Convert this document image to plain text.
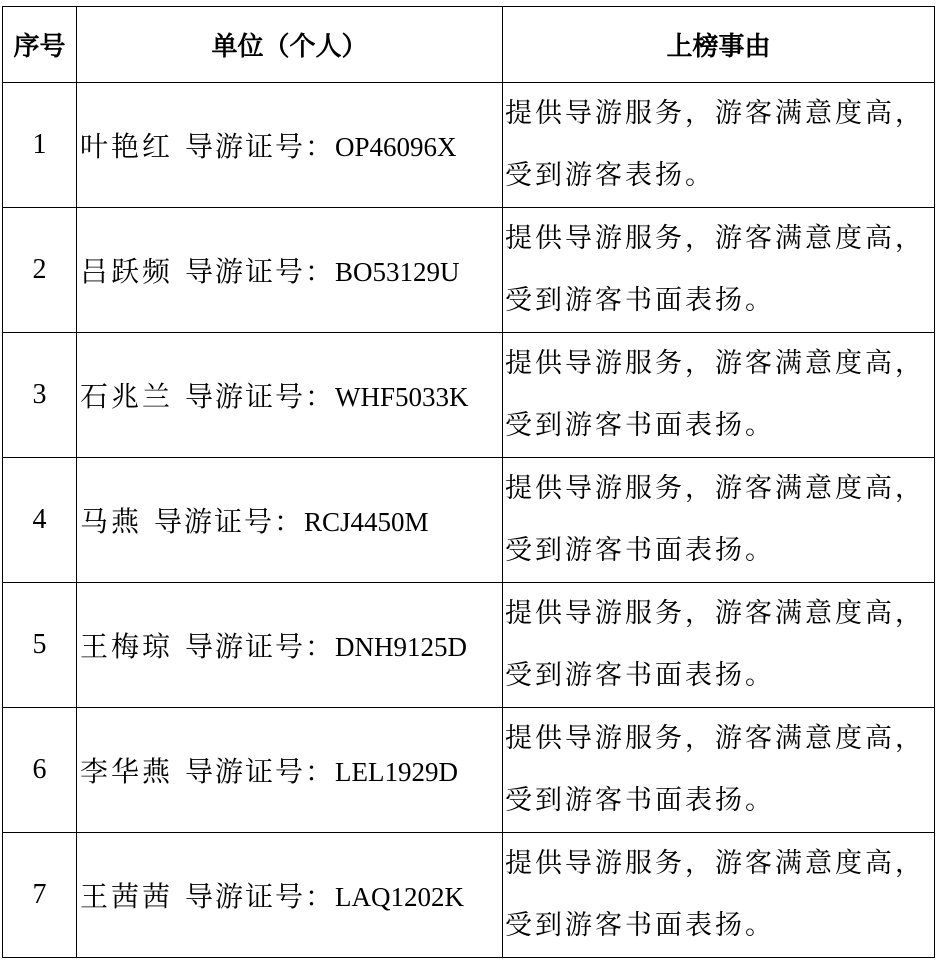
序号	单位（个人）	上榜事由
1	叶艳红 导游证号：OP46096X	提供导游服务，游客满意度高，受到游客表扬。
2	吕跃频 导游证号：BO53129U	提供导游服务，游客满意度高，受到游客书面表扬。
3	石兆兰 导游证号：WHF5033K	提供导游服务，游客满意度高，受到游客书面表扬。
4	马燕 导游证号：RCJ4450M	提供导游服务，游客满意度高，受到游客书面表扬。
5	王梅琼 导游证号：DNH9125D	提供导游服务，游客满意度高，受到游客书面表扬。
6	李华燕 导游证号：LEL1929D	提供导游服务，游客满意度高，受到游客书面表扬。
7	王茜茜 导游证号：LAQ1202K	提供导游服务，游客满意度高，受到游客书面表扬。
